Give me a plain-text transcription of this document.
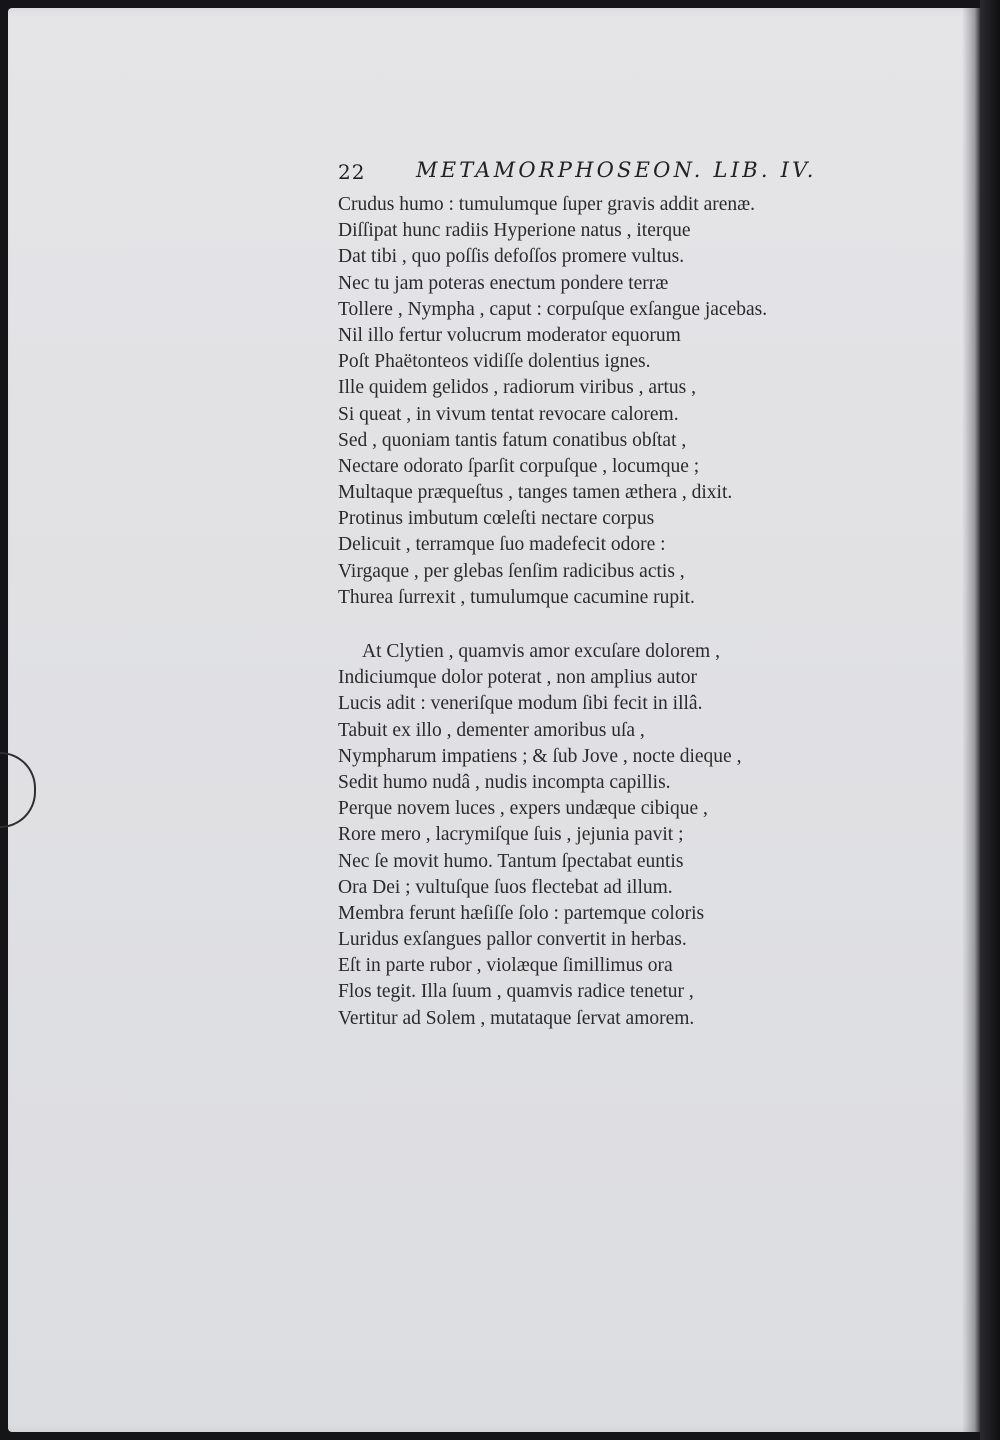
22 METAMORPHOSEON. LIB. IV.
Crudus humo : tumulumque ſuper gravis addit arenæ.
Diſſipat hunc radiis Hyperione natus , iterque
Dat tibi , quo poſſis defoſſos promere vultus.
Nec tu jam poteras enectum pondere terræ
Tollere , Nympha , caput : corpuſque exſangue jacebas.
Nil illo fertur volucrum moderator equorum
Poſt Phaëtonteos vidiſſe dolentius ignes.
Ille quidem gelidos , radiorum viribus , artus ,
Si queat , in vivum tentat revocare calorem.
Sed , quoniam tantis fatum conatibus obſtat ,
Nectare odorato ſparſit corpuſque , locumque ;
Multaque præqueſtus , tanges tamen æthera , dixit.
Protinus imbutum cœleſti nectare corpus
Delicuit , terramque ſuo madefecit odore :
Virgaque , per glebas ſenſim radicibus actis ,
Thurea ſurrexit , tumulumque cacumine rupit.
At Clytien , quamvis amor excuſare dolorem ,
Indiciumque dolor poterat , non amplius autor
Lucis adit : veneriſque modum ſibi fecit in illâ.
Tabuit ex illo , dementer amoribus uſa ,
Nympharum impatiens ; & ſub Jove , nocte dieque ,
Sedit humo nudâ , nudis incompta capillis.
Perque novem luces , expers undæque cibique ,
Rore mero , lacrymiſque ſuis , jejunia pavit ;
Nec ſe movit humo. Tantum ſpectabat euntis
Ora Dei ; vultuſque ſuos flectebat ad illum.
Membra ferunt hæſiſſe ſolo : partemque coloris
Luridus exſangues pallor convertit in herbas.
Eſt in parte rubor , violæque ſimillimus ora
Flos tegit. Illa ſuum , quamvis radice tenetur ,
Vertitur ad Solem , mutataque ſervat amorem.
